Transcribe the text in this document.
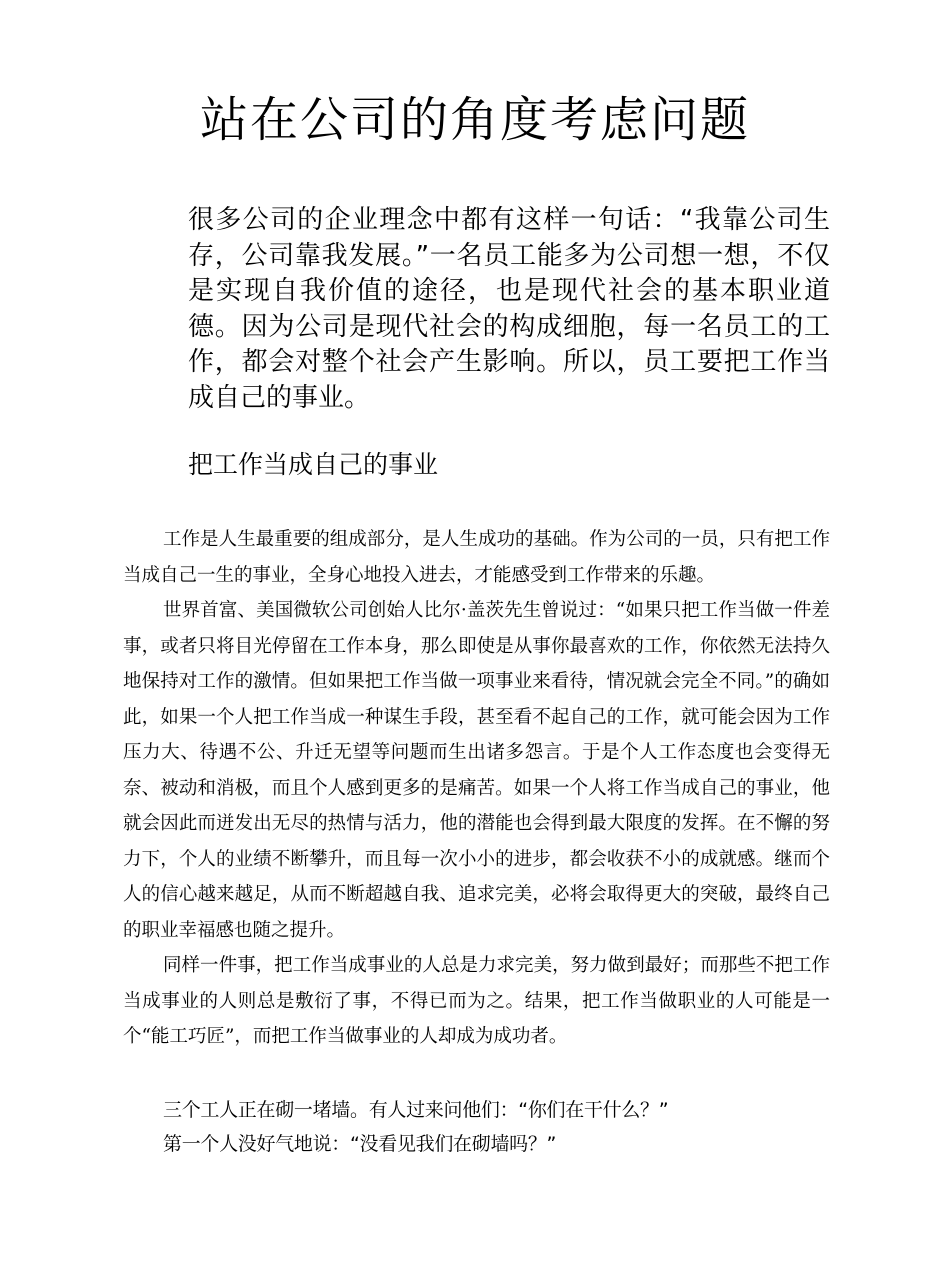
站在公司的角度考虑问题

很多公司的企业理念中都有这样一句话：“我靠公司生存，公司靠我发展。”一名员工能多为公司想一想，不仅是实现自我价值的途径，也是现代社会的基本职业道德。因为公司是现代社会的构成细胞，每一名员工的工作，都会对整个社会产生影响。所以，员工要把工作当成自己的事业。

把工作当成自己的事业

工作是人生最重要的组成部分，是人生成功的基础。作为公司的一员，只有把工作当成自己一生的事业，全身心地投入进去，才能感受到工作带来的乐趣。

世界首富、美国微软公司创始人比尔·盖茨先生曾说过：“如果只把工作当做一件差事，或者只将目光停留在工作本身，那么即使是从事你最喜欢的工作，你依然无法持久地保持对工作的激情。但如果把工作当做一项事业来看待，情况就会完全不同。”的确如此，如果一个人把工作当成一种谋生手段，甚至看不起自己的工作，就可能会因为工作压力大、待遇不公、升迁无望等问题而生出诸多怨言。于是个人工作态度也会变得无奈、被动和消极，而且个人感到更多的是痛苦。如果一个人将工作当成自己的事业，他就会因此而迸发出无尽的热情与活力，他的潜能也会得到最大限度的发挥。在不懈的努力下，个人的业绩不断攀升，而且每一次小小的进步，都会收获不小的成就感。继而个人的信心越来越足，从而不断超越自我、追求完美，必将会取得更大的突破，最终自己的职业幸福感也随之提升。

同样一件事，把工作当成事业的人总是力求完美，努力做到最好；而那些不把工作当成事业的人则总是敷衍了事，不得已而为之。结果，把工作当做职业的人可能是一个“能工巧匠”，而把工作当做事业的人却成为成功者。

三个工人正在砌一堵墙。有人过来问他们：“你们在干什么？”

第一个人没好气地说：“没看见我们在砌墙吗？”
